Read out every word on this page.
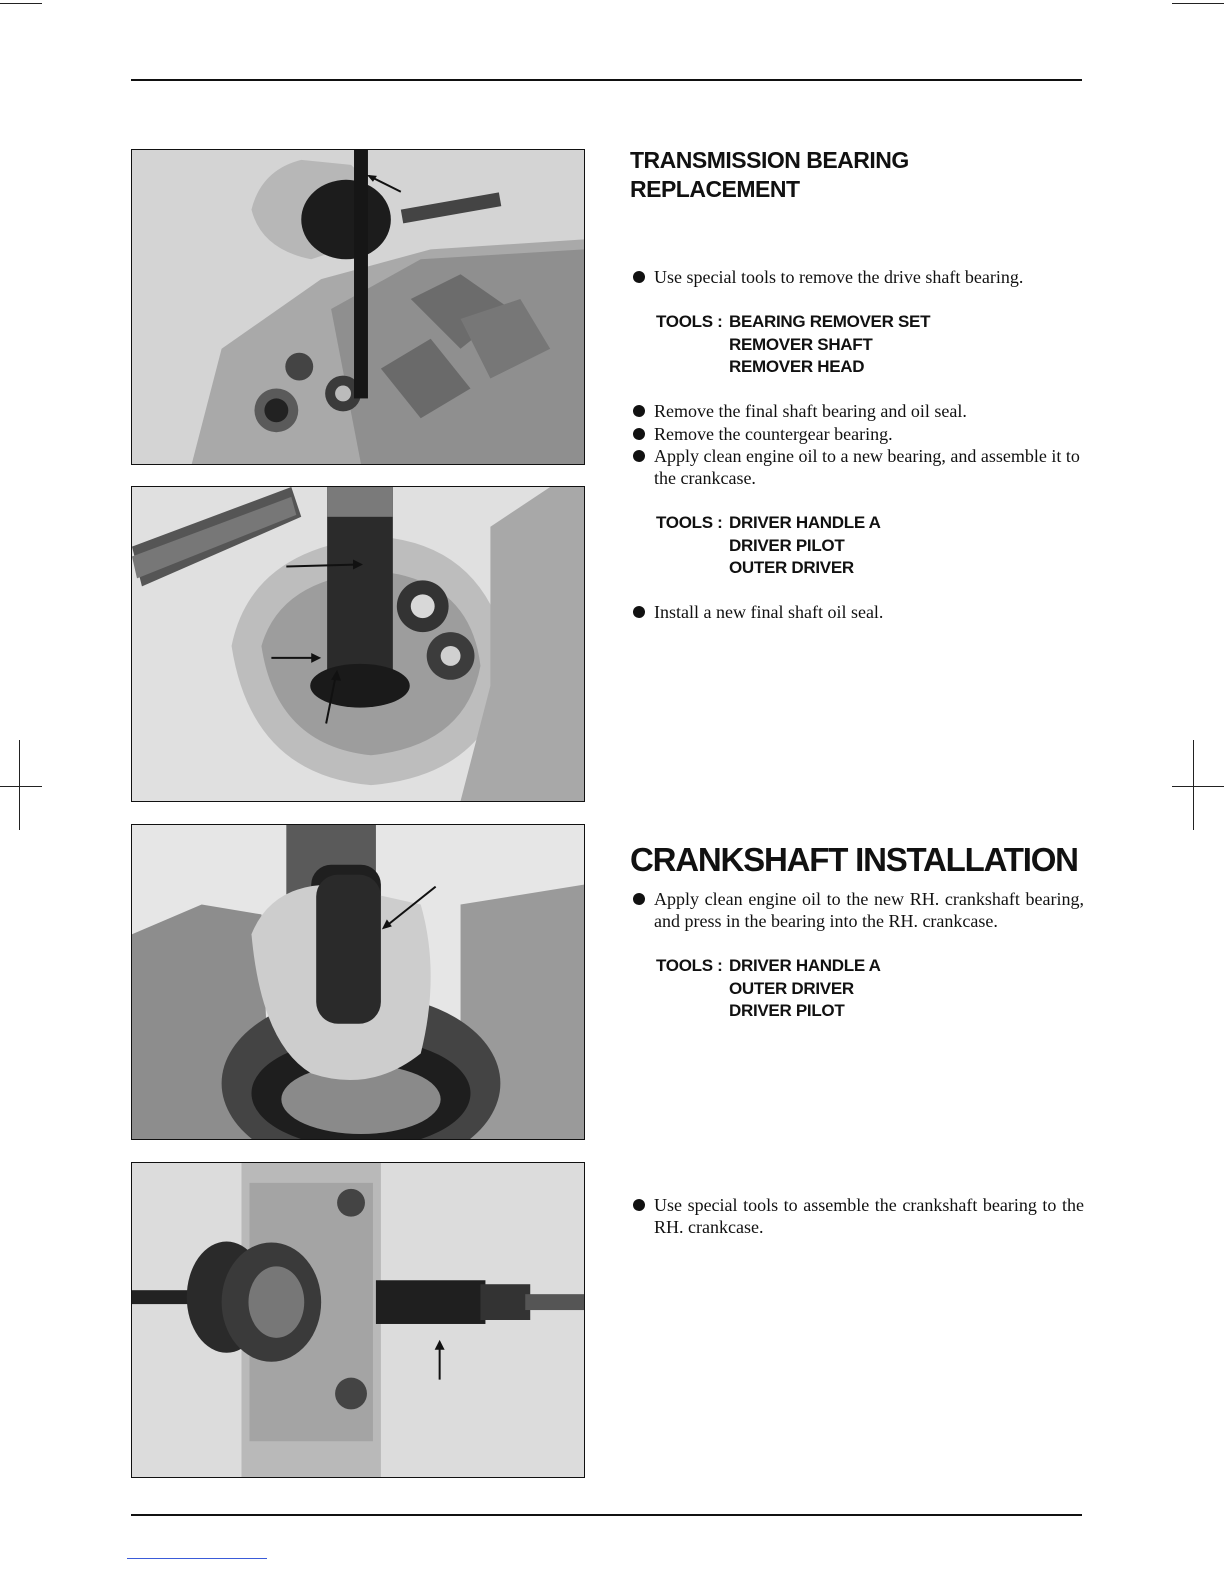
TRANSMISSION BEARING
REPLACEMENT
Use special tools to remove the drive shaft bearing.
TOOLS : BEARING REMOVER SET
REMOVER SHAFT
REMOVER HEAD
Remove the final shaft bearing and oil seal.
Remove the countergear bearing.
Apply clean engine oil to a new bearing, and assemble it to the crankcase.
TOOLS : DRIVER HANDLE A
DRIVER PILOT
OUTER DRIVER
Install a new final shaft oil seal.
CRANKSHAFT INSTALLATION
Apply clean engine oil to the new RH. crankshaft bearing, and press in the bearing into the RH. crankcase.
TOOLS : DRIVER HANDLE A
OUTER DRIVER
DRIVER PILOT
Use special tools to assemble the crankshaft bearing to the RH. crankcase.
